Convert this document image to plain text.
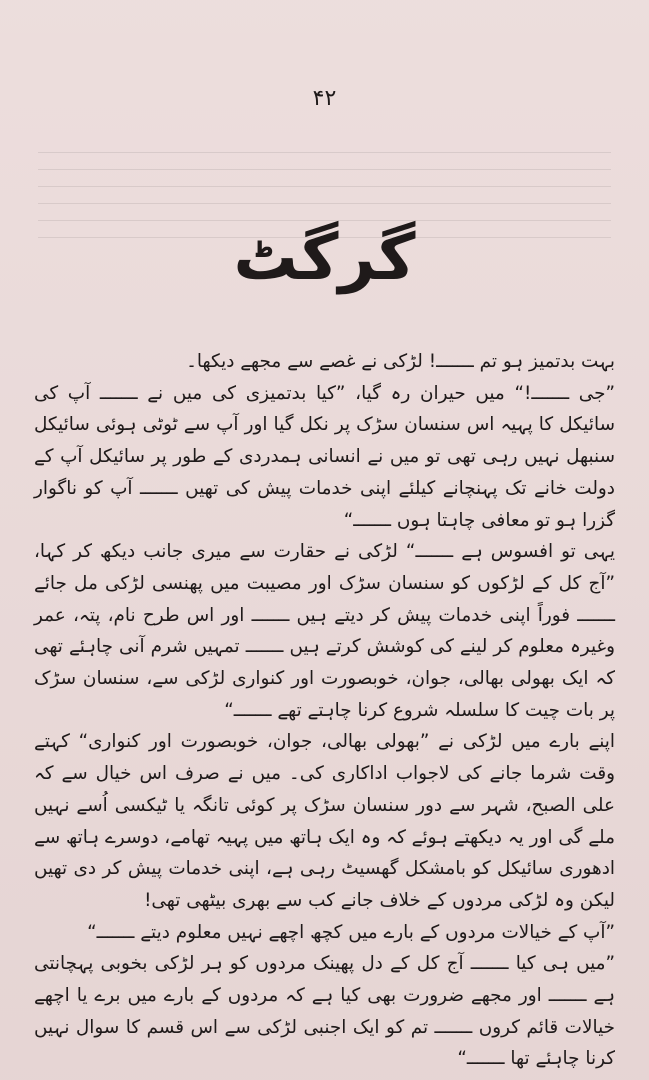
۴۲
گرگٹ

بہت بدتمیز ہو تم ـــــــ! لڑکی نے غصے سے مجھے دیکھا۔

”جی ـــــــ!“ میں حیران رہ گیا، ”کیا بدتمیزی کی میں نے ـــــــ آپ کی سائیکل کا پہیہ اس سنسان سڑک پر نکل گیا اور آپ سے ٹوٹی ہوئی سائیکل سنبھل نہیں رہی تھی تو میں نے انسانی ہمدردی کے طور پر سائیکل آپ کے دولت خانے تک پہنچانے کیلئے اپنی خدمات پیش کی تھیں ـــــــ آپ کو ناگوار گزرا ہو تو معافی چاہتا ہوں ـــــــ“

یہی تو افسوس ہے ـــــــ“ لڑکی نے حقارت سے میری جانب دیکھ کر کہا، ”آج کل کے لڑکوں کو سنسان سڑک اور مصیبت میں پھنسی لڑکی مل جائے ـــــــ فوراً اپنی خدمات پیش کر دیتے ہیں ـــــــ اور اس طرح نام، پتہ، عمر وغیرہ معلوم کر لینے کی کوشش کرتے ہیں ـــــــ تمہیں شرم آنی چاہئے تھی کہ ایک بھولی بھالی، جوان، خوبصورت اور کنواری لڑکی سے، سنسان سڑک پر بات چیت کا سلسلہ شروع کرنا چاہتے تھے ـــــــ“

اپنے بارے میں لڑکی نے ”بھولی بھالی، جوان، خوبصورت اور کنواری“ کہتے وقت شرما جانے کی لاجواب اداکاری کی۔ میں نے صرف اس خیال سے کہ علی الصبح، شہر سے دور سنسان سڑک پر کوئی تانگہ یا ٹیکسی اُسے نہیں ملے گی اور یہ دیکھتے ہوئے کہ وہ ایک ہاتھ میں پہیہ تھامے، دوسرے ہاتھ سے ادھوری سائیکل کو بامشکل گھسیٹ رہی ہے، اپنی خدمات پیش کر دی تھیں لیکن وہ لڑکی مردوں کے خلاف جانے کب سے بھری بیٹھی تھی!

”آپ کے خیالات مردوں کے بارے میں کچھ اچھے نہیں معلوم دیتے ـــــــ“

”میں ہی کیا ـــــــ آج کل کے دل پھینک مردوں کو ہر لڑکی بخوبی پہچانتی ہے ـــــــ اور مجھے ضرورت بھی کیا ہے کہ مردوں کے بارے میں برے یا اچھے خیالات قائم کروں ـــــــ تم کو ایک اجنبی لڑکی سے اس قسم کا سوال نہیں کرنا چاہئے تھا ـــــــ“
